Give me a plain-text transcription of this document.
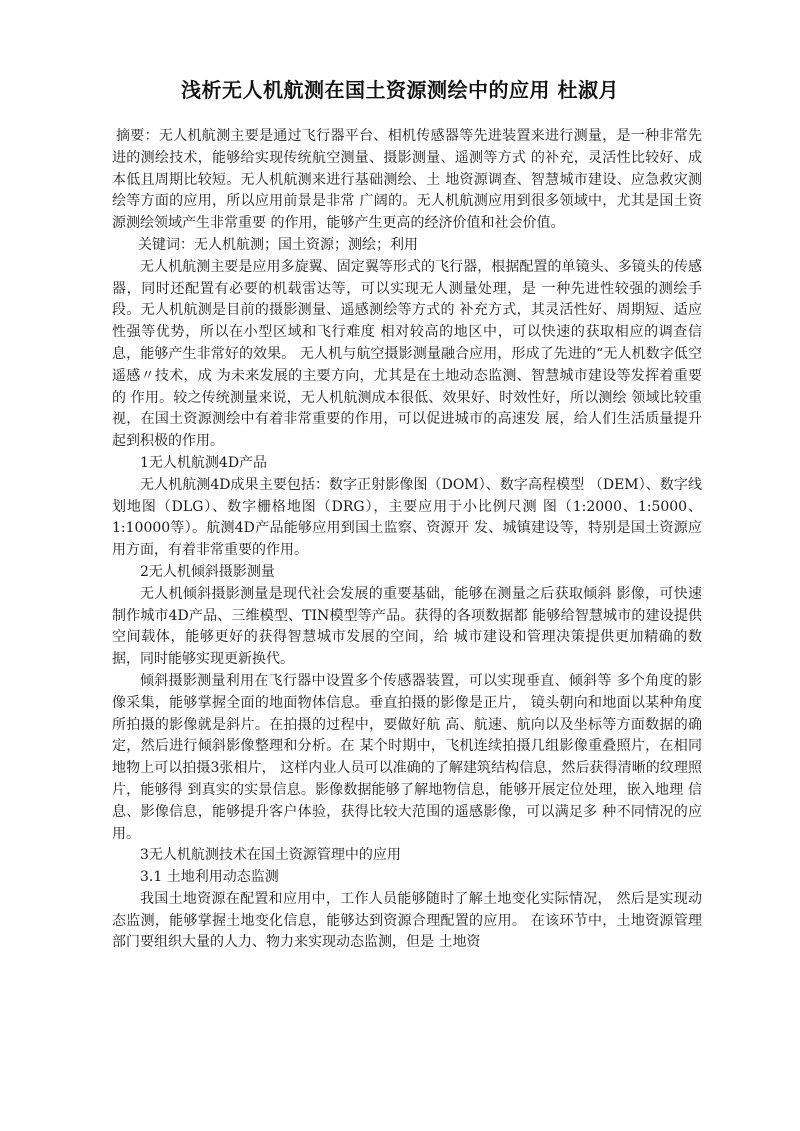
浅析无人机航测在国土资源测绘中的应用 杜淑月

摘要：无人机航测主要是通过飞行器平台、相机传感器等先进装置来进行测量，是一种非常先进的测绘技术，能够给实现传统航空测量、摄影测量、遥测等方式 的补充，灵活性比较好、成本低且周期比较短。无人机航测来进行基础测绘、土 地资源调查、智慧城市建设、应急救灾测绘等方面的应用，所以应用前景是非常 广阔的。无人机航测应用到很多领域中，尤其是国土资源测绘领域产生非常重要 的作用，能够产生更高的经济价值和社会价值。

关键词：无人机航测；国土资源；测绘；利用

无人机航测主要是应用多旋翼、固定翼等形式的飞行器，根据配置的单镜头、多镜头的传感器，同时还配置有必要的机载雷达等，可以实现无人测量处理，是 一种先进性较强的测绘手段。无人机航测是目前的摄影测量、遥感测绘等方式的 补充方式，其灵活性好、周期短、适应性强等优势，所以在小型区域和飞行难度 相对较高的地区中，可以快速的获取相应的调查信息，能够产生非常好的效果。 无人机与航空摄影测量融合应用，形成了先进的“无人机数字低空遥感〃技术，成 为未来发展的主要方向，尤其是在土地动态监测、智慧城市建设等发挥着重要的 作用。较之传统测量来说，无人机航测成本很低、效果好、时效性好，所以测绘 领域比较重视，在国土资源测绘中有着非常重要的作用，可以促进城市的高速发 展，给人们生活质量提升起到积极的作用。

1无人机航测4D产品

无人机航测4D成果主要包括：数字正射影像图（DOM）、数字高程模型 （DEM）、数字线划地图（DLG）、数字栅格地图（DRG），主要应用于小比例尺测 图（1:2000、1:5000、1:10000等）。航测4D产品能够应用到国土监察、资源开 发、城镇建设等，特别是国土资源应用方面，有着非常重要的作用。

2无人机倾斜摄影测量

无人机倾斜摄影测量是现代社会发展的重要基础，能够在测量之后获取倾斜 影像，可快速制作城市4D产品、三维模型、TIN模型等产品。获得的各项数据都 能够给智慧城市的建设提供空间载体，能够更好的获得智慧城市发展的空间，给 城市建设和管理决策提供更加精确的数据，同时能够实现更新换代。

倾斜摄影测量利用在飞行器中设置多个传感器装置，可以实现垂直、倾斜等 多个角度的影像采集，能够掌握全面的地面物体信息。垂直拍摄的影像是正片， 镜头朝向和地面以某种角度所拍摄的影像就是斜片。在拍摄的过程中，要做好航 高、航速、航向以及坐标等方面数据的确定，然后进行倾斜影像整理和分析。在 某个时期中，飞机连续拍摄几组影像重叠照片，在相同地物上可以拍摄3张相片， 这样内业人员可以准确的了解建筑结构信息，然后获得清晰的纹理照片，能够得 到真实的实景信息。影像数据能够了解地物信息，能够开展定位处理，嵌入地理 信息、影像信息，能够提升客户体验，获得比较大范围的遥感影像，可以满足多 种不同情况的应用。

3无人机航测技术在国土资源管理中的应用

3.1 土地利用动态监测

我国土地资源在配置和应用中，工作人员能够随时了解土地变化实际情况， 然后是实现动态监测，能够掌握土地变化信息，能够达到资源合理配置的应用。 在该环节中，土地资源管理部门要组织大量的人力、物力来实现动态监测，但是 土地资
